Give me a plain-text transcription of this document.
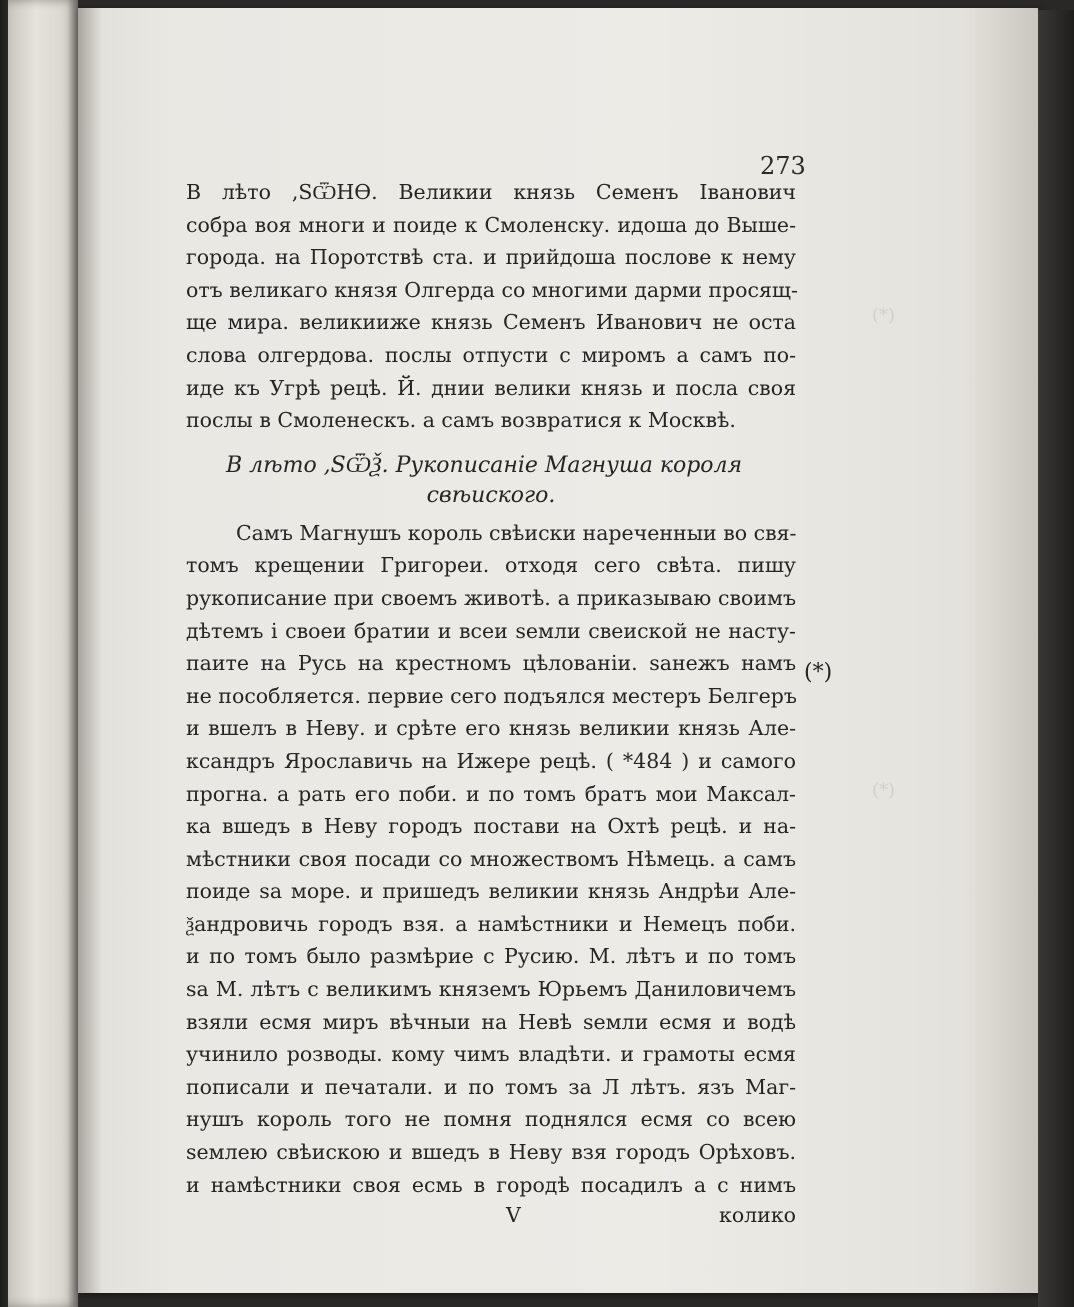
(*)
(*)
273
В лѣто ,ЅѾНѲ. Великии князь Семенъ Іванович
собра воя многи и поиде к Смоленску. идоша до Выше-
города. на Поротствѣ ста. и прийдоша послове к нему
отъ великаго князя Олгерда со многими дарми просящ-
ще мира. великииже князь Семенъ Иванович не оста
слова олгердова. послы отпусти с миромъ а самъ по-
иде къ Угрѣ рецѣ. Й. днии велики князь и посла своя
послы в Смоленескъ. а самъ возвратися к Москвѣ.
В лѣто ,ЅѾѮ. Рукописаніе Магнуша короля
свѣиского.
Самъ Магнушъ король свѣиски нареченныи во свя-
томъ крещении Григореи. отходя сего свѣта. пишу
рукописание при своемъ животѣ. а приказываю своимъ
дѣтемъ і своеи братии и всеи ѕемли свеиской не насту-
паите на Русь на крестномъ цѣлованіи. ѕанежъ намъ
не пособляется. первие сего подъялся местеръ Белгеръ
и вшелъ в Неву. и срѣте его князь великии князь Але-
ксандръ Ярославичь на Ижере рецѣ. ( *484 ) и самого
прогна. а рать его поби. и по томъ братъ мои Максал-
ка вшедъ в Неву городъ постави на Охтѣ рецѣ. и на-
мѣстники своя посади со множествомъ Нѣмець. а самъ
поиде ѕа море. и пришедъ великии князь Андрѣи Але-
ѯандровичь городъ взя. а намѣстники и Немецъ поби.
и по томъ было размѣрие с Русию. М. лѣтъ и по томъ
ѕа М. лѣтъ с великимъ княземъ Юрьемъ Даниловичемъ
взяли есмя миръ вѣчныи на Невѣ ѕемли есмя и водѣ
учинило розводы. кому чимъ владѣти. и грамоты есмя
пописали и печатали. и по томъ за Л лѣтъ. язъ Маг-
нушъ король того не помня поднялся есмя со всею
ѕемлею свѣискою и вшедъ в Неву взя городъ Орѣховъ.
и намѣстники своя есмь в городѣ посадилъ а с нимъ
V	колико
(*)
